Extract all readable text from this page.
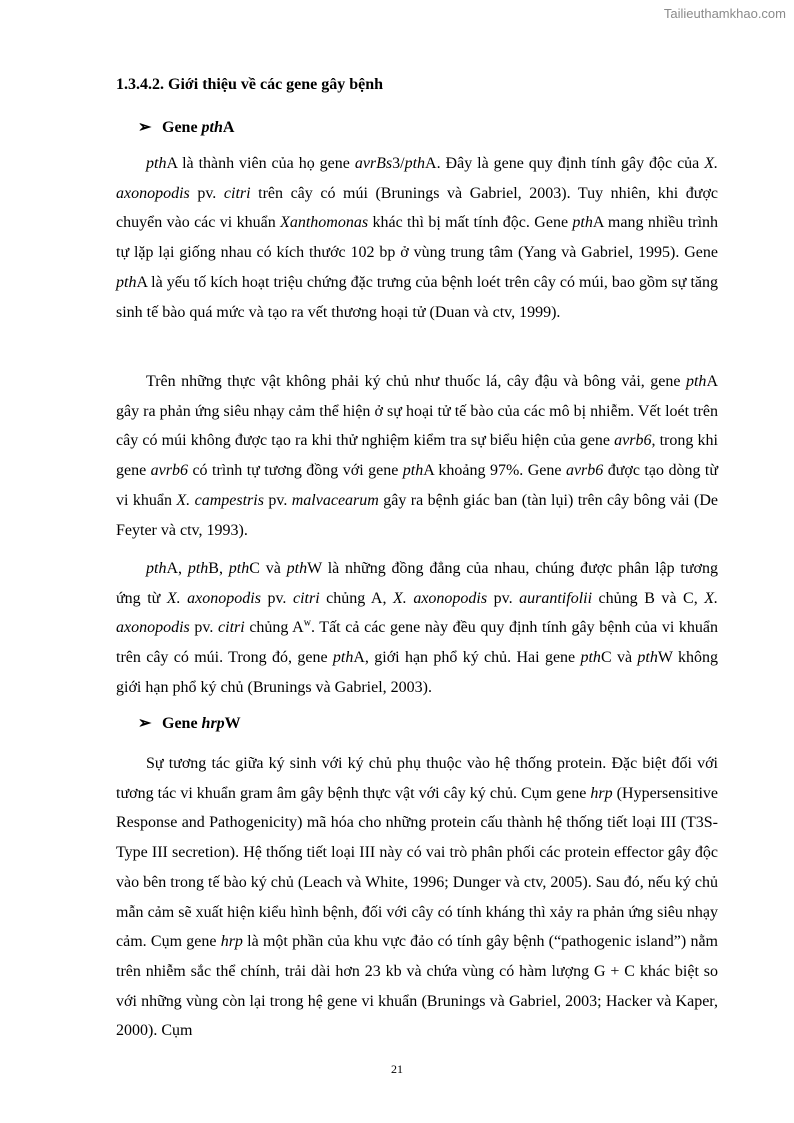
Tailieuthamkhao.com
1.3.4.2. Giới thiệu về các gene gây bệnh
➢ Gene pthA

pthA là thành viên của họ gene avrBs3/pthA. Đây là gene quy định tính gây độc của X. axonopodis pv. citri trên cây có múi (Brunings và Gabriel, 2003). Tuy nhiên, khi được chuyển vào các vi khuẩn Xanthomonas khác thì bị mất tính độc. Gene pthA mang nhiều trình tự lặp lại giống nhau có kích thước 102 bp ở vùng trung tâm (Yang và Gabriel, 1995). Gene pthA là yếu tố kích hoạt triệu chứng đặc trưng của bệnh loét trên cây có múi, bao gồm sự tăng sinh tế bào quá mức và tạo ra vết thương hoại tử (Duan và ctv, 1999).

Trên những thực vật không phải ký chủ như thuốc lá, cây đậu và bông vải, gene pthA gây ra phản ứng siêu nhạy cảm thể hiện ở sự hoại tử tế bào của các mô bị nhiễm. Vết loét trên cây có múi không được tạo ra khi thử nghiệm kiểm tra sự biểu hiện của gene avrb6, trong khi gene avrb6 có trình tự tương đồng với gene pthA khoảng 97%. Gene avrb6 được tạo dòng từ vi khuẩn X. campestris pv. malvacearum gây ra bệnh giác ban (tàn lụi) trên cây bông vải (De Feyter và ctv, 1993).

pthA, pthB, pthC và pthW là những đồng đẳng của nhau, chúng được phân lập tương ứng từ X. axonopodis pv. citri chủng A, X. axonopodis pv. aurantifolii chủng B và C, X. axonopodis pv. citri chủng $A^w$. Tất cả các gene này đều quy định tính gây bệnh của vi khuẩn trên cây có múi. Trong đó, gene pthA, giới hạn phổ ký chủ. Hai gene pthC và pthW không giới hạn phổ ký chủ (Brunings và Gabriel, 2003).

➢ Gene hrpW

Sự tương tác giữa ký sinh với ký chủ phụ thuộc vào hệ thống protein. Đặc biệt đối với tương tác vi khuẩn gram âm gây bệnh thực vật với cây ký chủ. Cụm gene hrp (Hypersensitive Response and Pathogenicity) mã hóa cho những protein cấu thành hệ thống tiết loại III (T3S-Type III secretion). Hệ thống tiết loại III này có vai trò phân phối các protein effector gây độc vào bên trong tế bào ký chủ (Leach và White, 1996; Dunger và ctv, 2005). Sau đó, nếu ký chủ mẫn cảm sẽ xuất hiện kiểu hình bệnh, đối với cây có tính kháng thì xảy ra phản ứng siêu nhạy cảm. Cụm gene hrp là một phần của khu vực đảo có tính gây bệnh (“pathogenic island”) nằm trên nhiễm sắc thể chính, trải dài hơn 23 kb và chứa vùng có hàm lượng G + C khác biệt so với những vùng còn lại trong hệ gene vi khuẩn (Brunings và Gabriel, 2003; Hacker và Kaper, 2000). Cụm

21
